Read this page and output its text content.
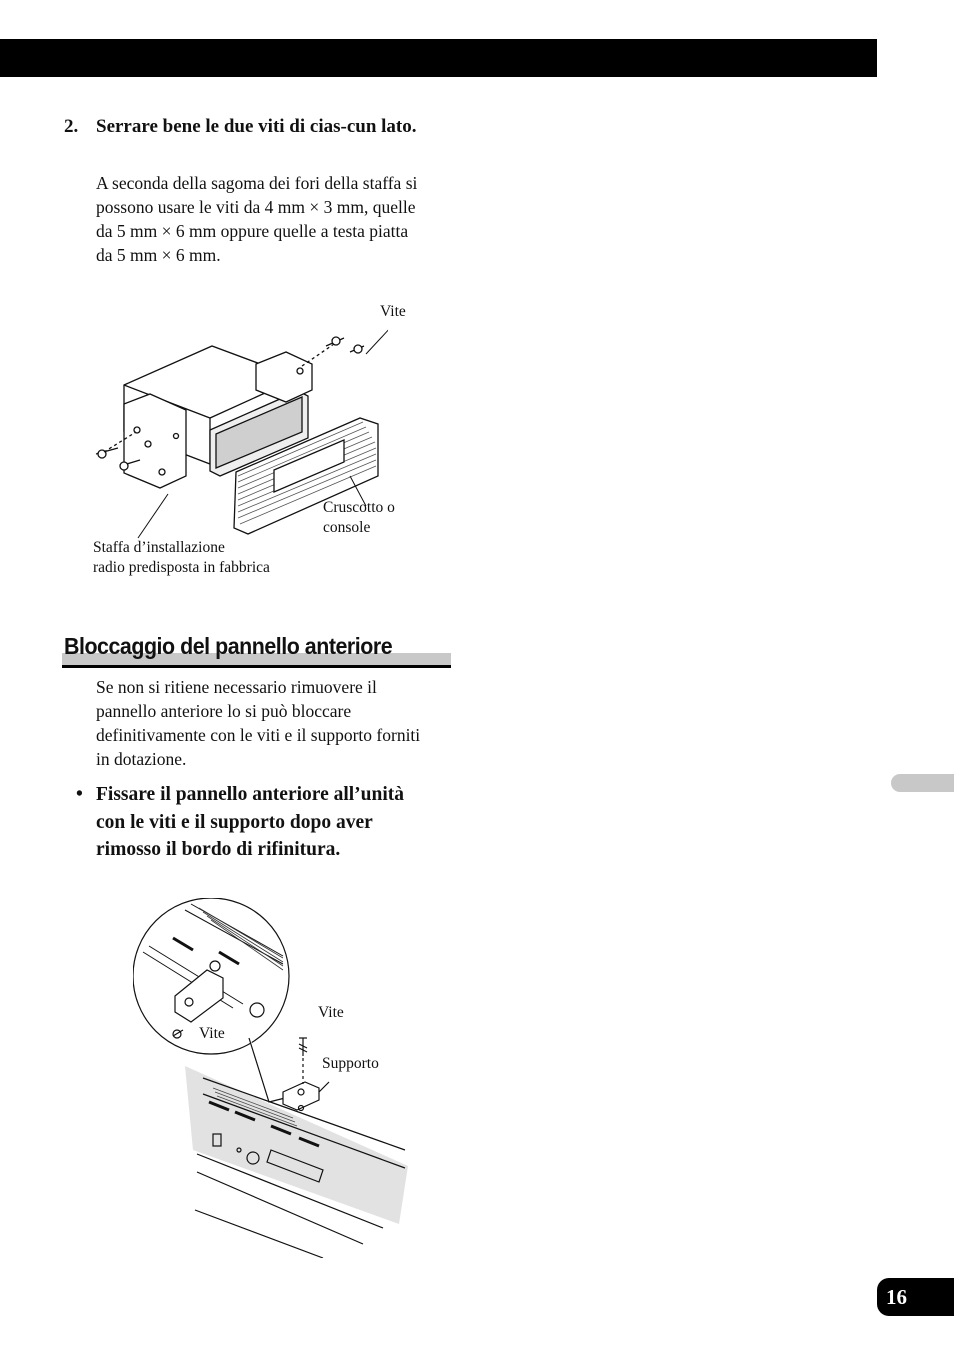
16
2. Serrare bene le due viti di cias-cun lato.
A seconda della sagoma dei fori della staffa si possono usare le viti da 4 mm × 3 mm, quelle da 5 mm × 6 mm oppure quelle a testa piatta da 5 mm × 6 mm.
Vite
Cruscotto o
console
Staffa d’installazione
radio predisposta in fabbrica
Bloccaggio del pannello anteriore
Se non si ritiene necessario rimuovere il pannello anteriore lo si può bloccare definitivamente con le viti e il supporto forniti in dotazione.
• Fissare il pannello anteriore all’unità con le viti e il supporto dopo aver rimosso il bordo di rifinitura.
Vite
Vite
Supporto
